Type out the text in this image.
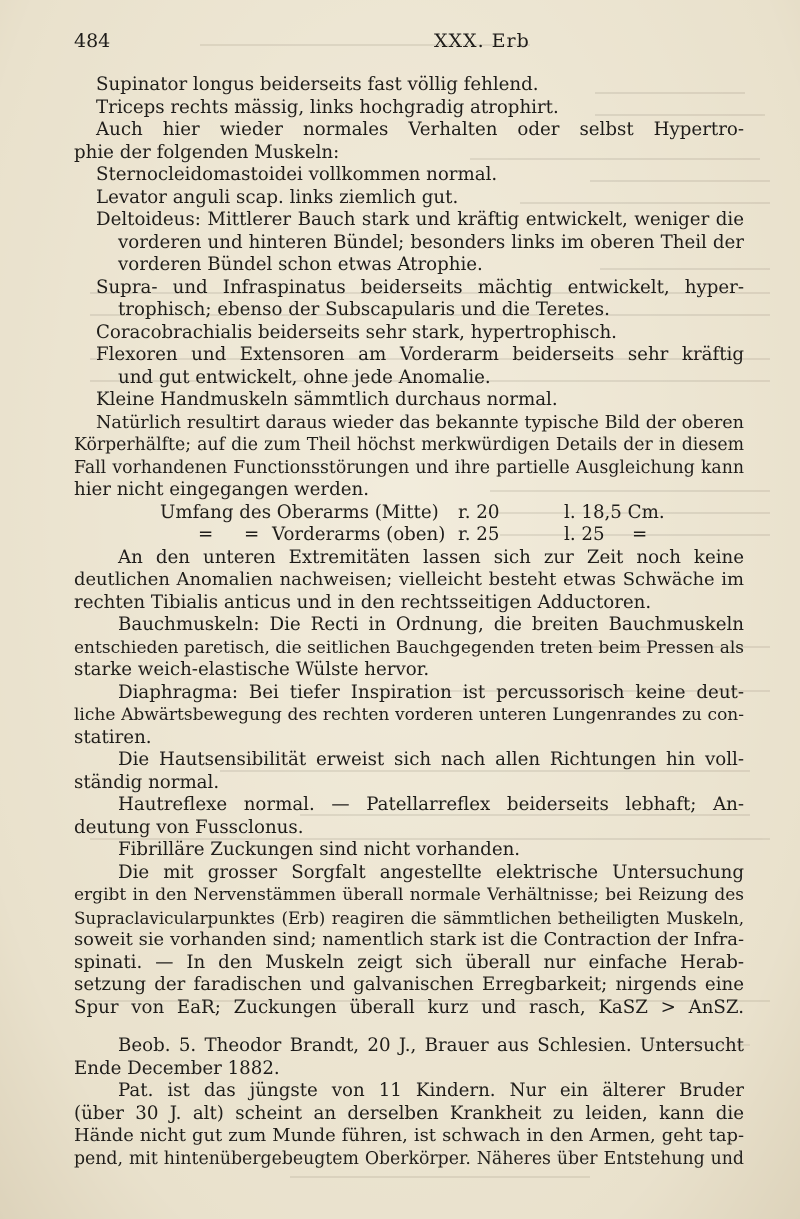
484	XXX. Erb
Supinator longus beiderseits fast völlig fehlend.
Triceps rechts mässig, links hochgradig atrophirt.
Auch hier wieder normales Verhalten oder selbst Hypertro-
phie der folgenden Muskeln:
Sternocleidomastoidei vollkommen normal.
Levator anguli scap. links ziemlich gut.
Deltoideus: Mittlerer Bauch stark und kräftig entwickelt, weniger die
vorderen und hinteren Bündel; besonders links im oberen Theil der
vorderen Bündel schon etwas Atrophie.
Supra- und Infraspinatus beiderseits mächtig entwickelt, hyper-
trophisch; ebenso der Subscapularis und die Teretes.
Coracobrachialis beiderseits sehr stark, hypertrophisch.
Flexoren und Extensoren am Vorderarm beiderseits sehr kräftig
und gut entwickelt, ohne jede Anomalie.
Kleine Handmuskeln sämmtlich durchaus normal.
Natürlich resultirt daraus wieder das bekannte typische Bild der oberen
Körperhälfte; auf die zum Theil höchst merkwürdigen Details der in diesem
Fall vorhandenen Functionsstörungen und ihre partielle Ausgleichung kann
hier nicht eingegangen werden.
Umfang des Oberarms (Mitte) r. 20	l. 18,5 Cm.
= = Vorderarms (oben) r. 25	l. 25 =
An den unteren Extremitäten lassen sich zur Zeit noch keine
deutlichen Anomalien nachweisen; vielleicht besteht etwas Schwäche im
rechten Tibialis anticus und in den rechtsseitigen Adductoren.
Bauchmuskeln: Die Recti in Ordnung, die breiten Bauchmuskeln
entschieden paretisch, die seitlichen Bauchgegenden treten beim Pressen als
starke weich-elastische Wülste hervor.
Diaphragma: Bei tiefer Inspiration ist percussorisch keine deut-
liche Abwärtsbewegung des rechten vorderen unteren Lungenrandes zu con-
statiren.
Die Hautsensibilität erweist sich nach allen Richtungen hin voll-
ständig normal.
Hautreflexe normal. — Patellarreflex beiderseits lebhaft; An-
deutung von Fussclonus.
Fibrilläre Zuckungen sind nicht vorhanden.
Die mit grosser Sorgfalt angestellte elektrische Untersuchung
ergibt in den Nervenstämmen überall normale Verhältnisse; bei Reizung des
Supraclavicularpunktes (Erb) reagiren die sämmtlichen betheiligten Muskeln,
soweit sie vorhanden sind; namentlich stark ist die Contraction der Infra-
spinati. — In den Muskeln zeigt sich überall nur einfache Herab-
setzung der faradischen und galvanischen Erregbarkeit; nirgends eine
Spur von EaR; Zuckungen überall kurz und rasch, KaSZ > AnSZ.
Beob. 5. Theodor Brandt, 20 J., Brauer aus Schlesien. Untersucht
Ende December 1882.
Pat. ist das jüngste von 11 Kindern. Nur ein älterer Bruder
(über 30 J. alt) scheint an derselben Krankheit zu leiden, kann die
Hände nicht gut zum Munde führen, ist schwach in den Armen, geht tap-
pend, mit hintenübergebeugtem Oberkörper. Näheres über Entstehung und
